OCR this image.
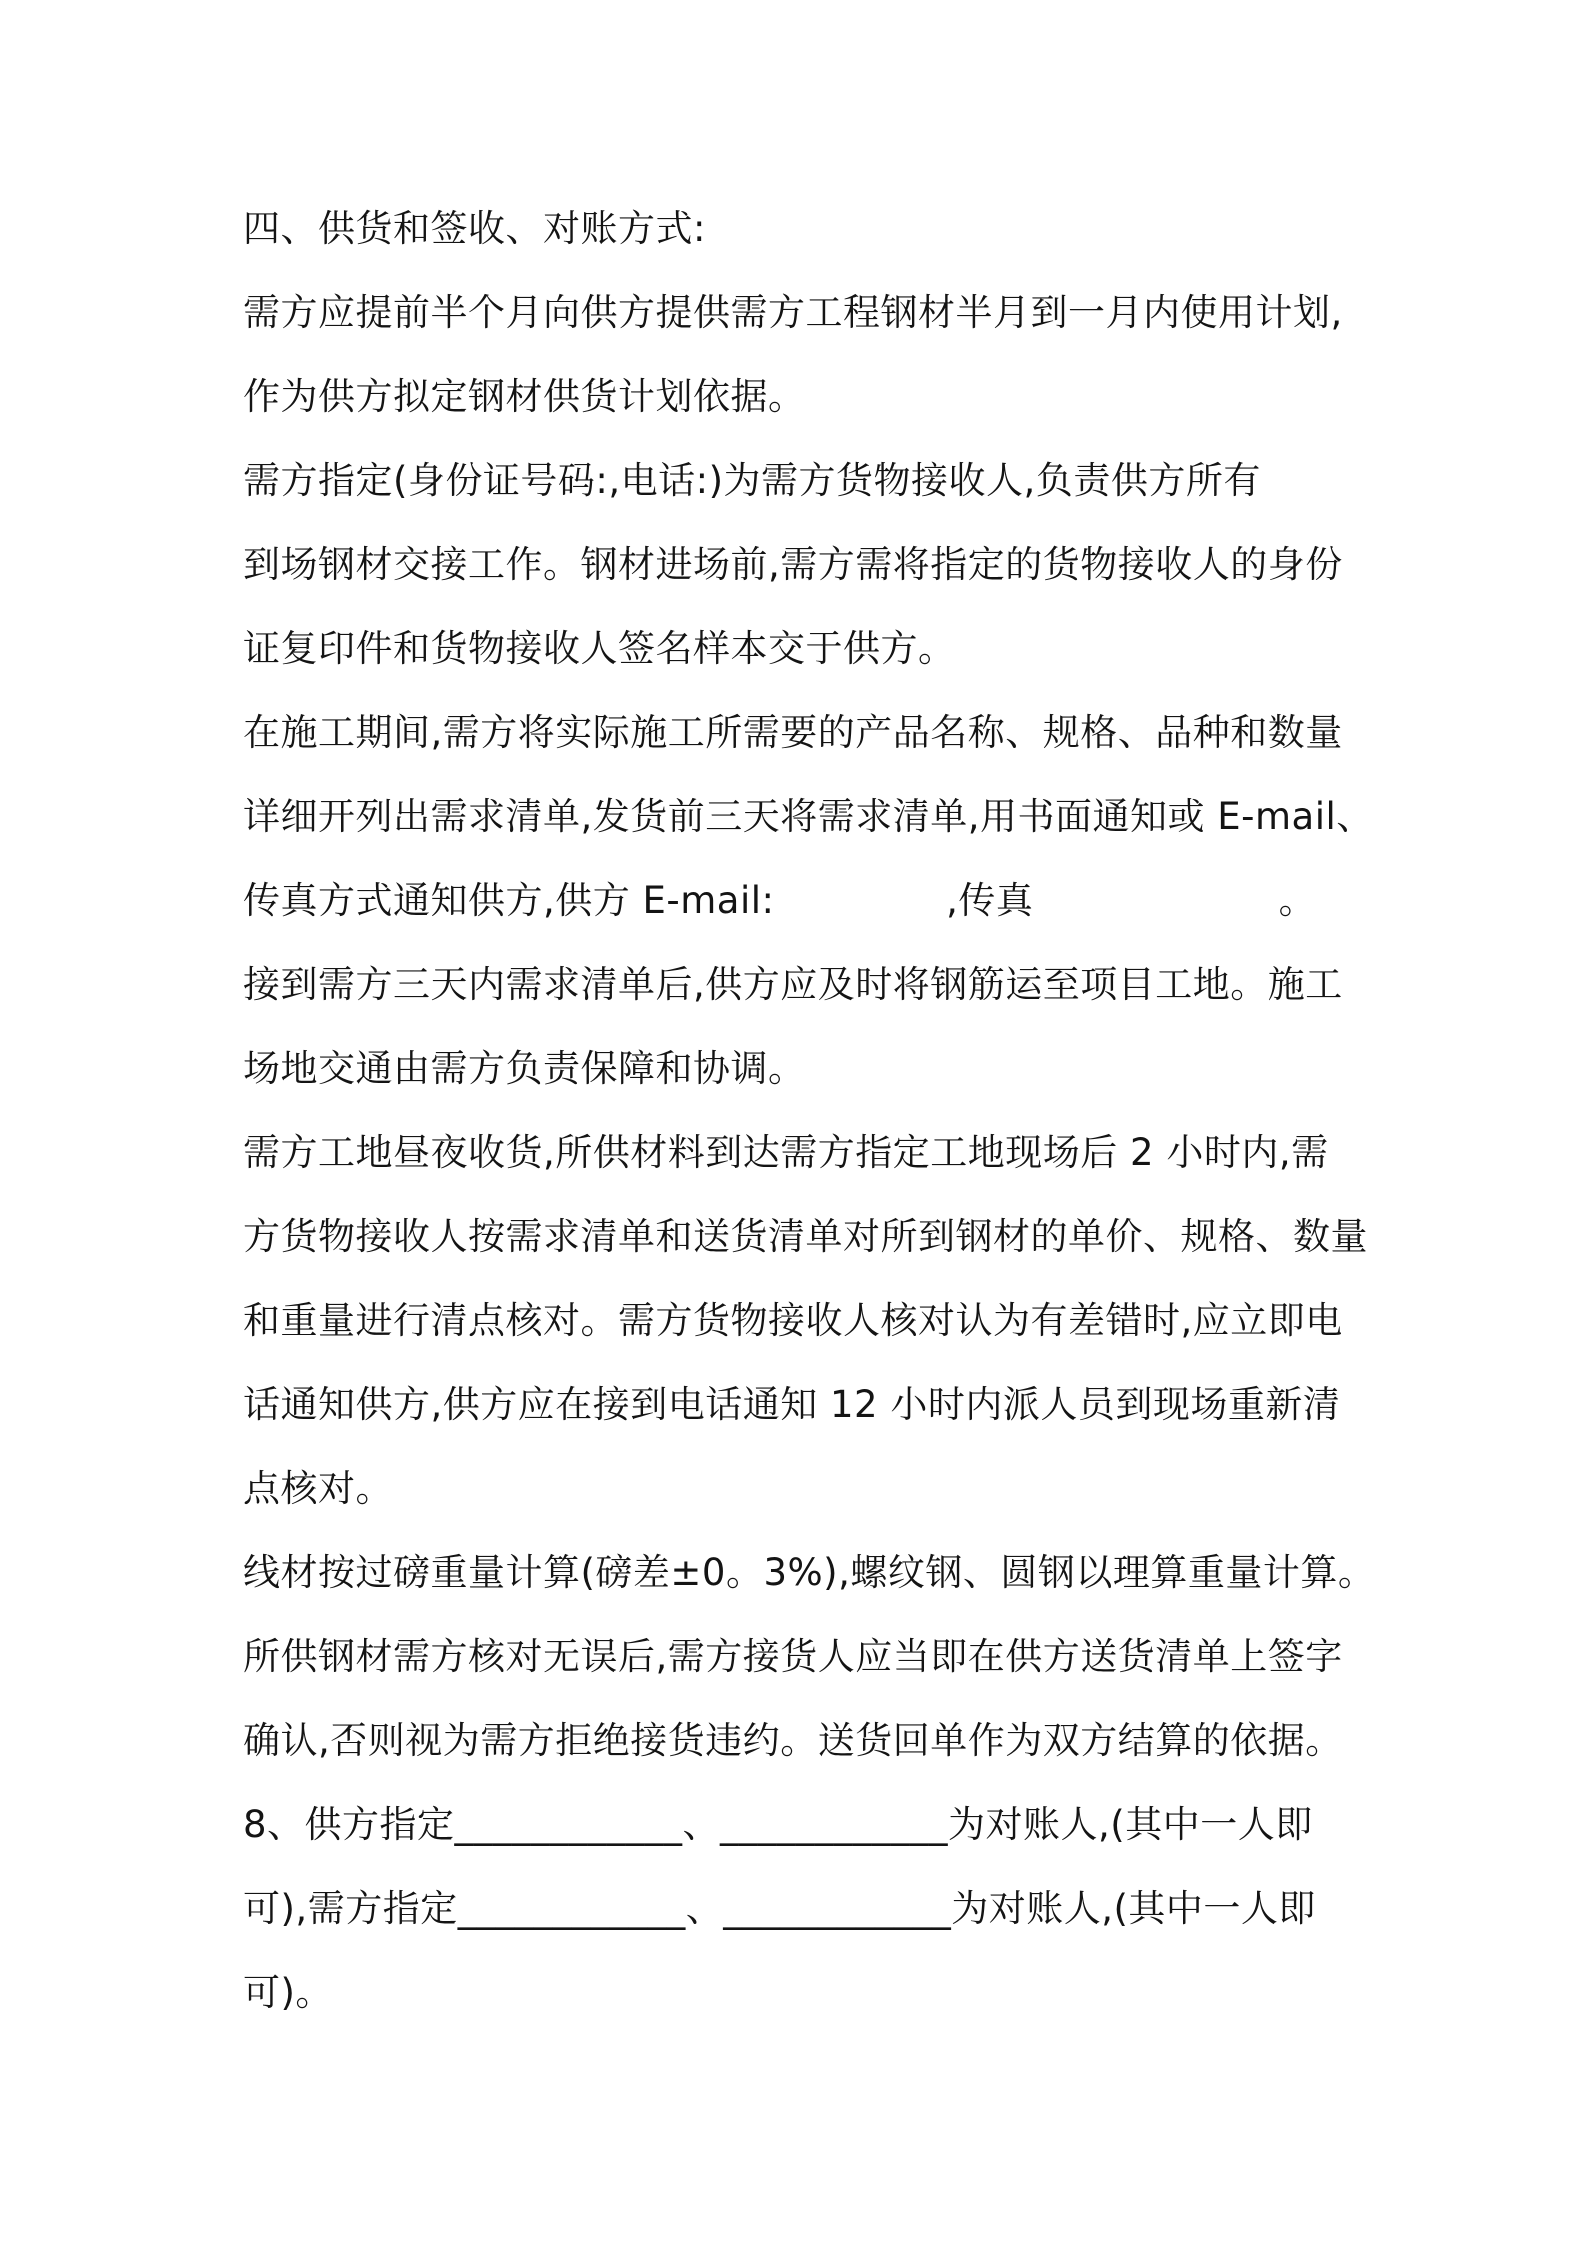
四、供货和签收、对账方式:
需方应提前半个月向供方提供需方工程钢材半月到一月内使用计划,
作为供方拟定钢材供货计划依据。
需方指定(身份证号码:,电话:)为需方货物接收人,负责供方所有
到场钢材交接工作。钢材进场前,需方需将指定的货物接收人的身份
证复印件和货物接收人签名样本交于供方。
在施工期间,需方将实际施工所需要的产品名称、规格、品种和数量
详细开列出需求清单,发货前三天将需求清单,用书面通知或 E-mail、
传真方式通知供方,供方 E-mail:              ,传真                    。
接到需方三天内需求清单后,供方应及时将钢筋运至项目工地。施工
场地交通由需方负责保障和协调。
需方工地昼夜收货,所供材料到达需方指定工地现场后 2 小时内,需
方货物接收人按需求清单和送货清单对所到钢材的单价、规格、数量
和重量进行清点核对。需方货物接收人核对认为有差错时,应立即电
话通知供方,供方应在接到电话通知 12 小时内派人员到现场重新清
点核对。
线材按过磅重量计算(磅差±0。3%),螺纹钢、圆钢以理算重量计算。
所供钢材需方核对无误后,需方接货人应当即在供方送货清单上签字
确认,否则视为需方拒绝接货违约。送货回单作为双方结算的依据。
8、供方指定____________、____________为对账人,(其中一人即
可),需方指定____________、____________为对账人,(其中一人即
可)。
